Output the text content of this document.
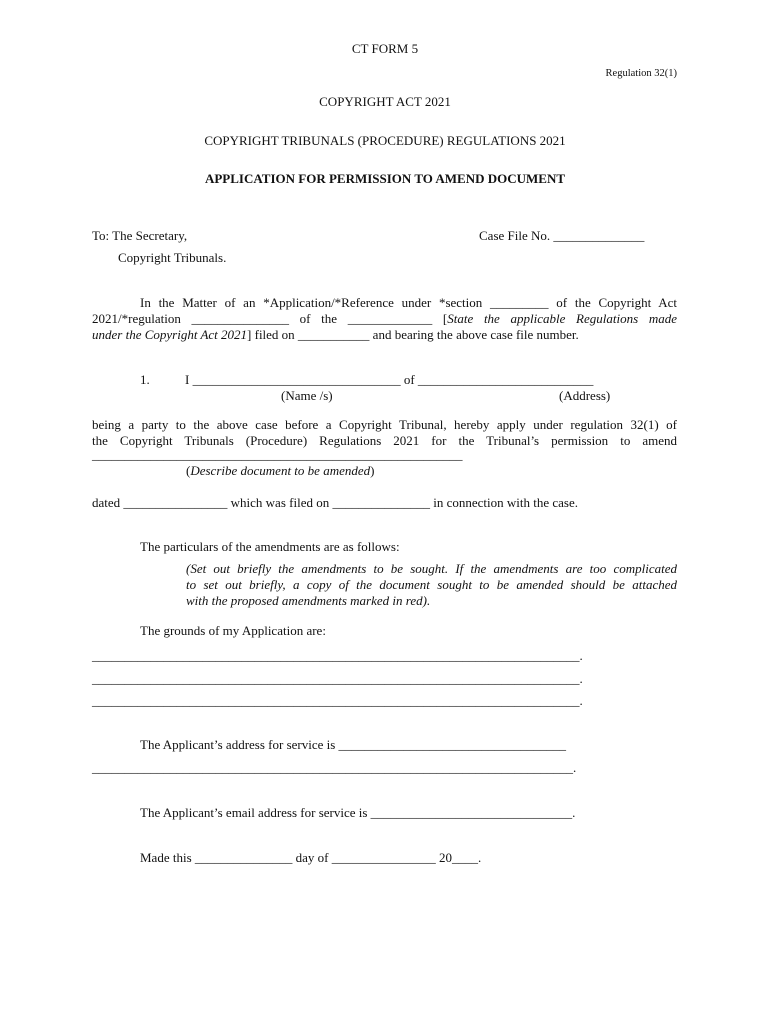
CT FORM 5
Regulation 32(1)
COPYRIGHT ACT 2021
COPYRIGHT TRIBUNALS (PROCEDURE) REGULATIONS 2021
APPLICATION FOR PERMISSION TO AMEND DOCUMENT
To: The Secretary,	Case File No. ______________
Copyright Tribunals.
In the Matter of an *Application/*Reference under *section _________ of the Copyright Act
2021/*regulation _______________ of the _____________ [State the applicable Regulations made
under the Copyright Act 2021] filed on ___________ and bearing the above case file number.
1.	I ________________________________ of ___________________________
(Name /s)	(Address)
being a party to the above case before a Copyright Tribunal, hereby apply under regulation 32(1) of
the Copyright Tribunals (Procedure) Regulations 2021 for the Tribunal’s permission to amend
_________________________________________________________
(Describe document to be amended)
dated ________________ which was filed on _______________ in connection with the case.
The particulars of the amendments are as follows:
(Set out briefly the amendments to be sought. If the amendments are too complicated
to set out briefly, a copy of the document sought to be amended should be attached
with the proposed amendments marked in red).
The grounds of my Application are:
___________________________________________________________________________.
___________________________________________________________________________.
___________________________________________________________________________.
The Applicant’s address for service is ___________________________________
__________________________________________________________________________.
The Applicant’s email address for service is _______________________________.
Made this _______________ day of ________________ 20____.
